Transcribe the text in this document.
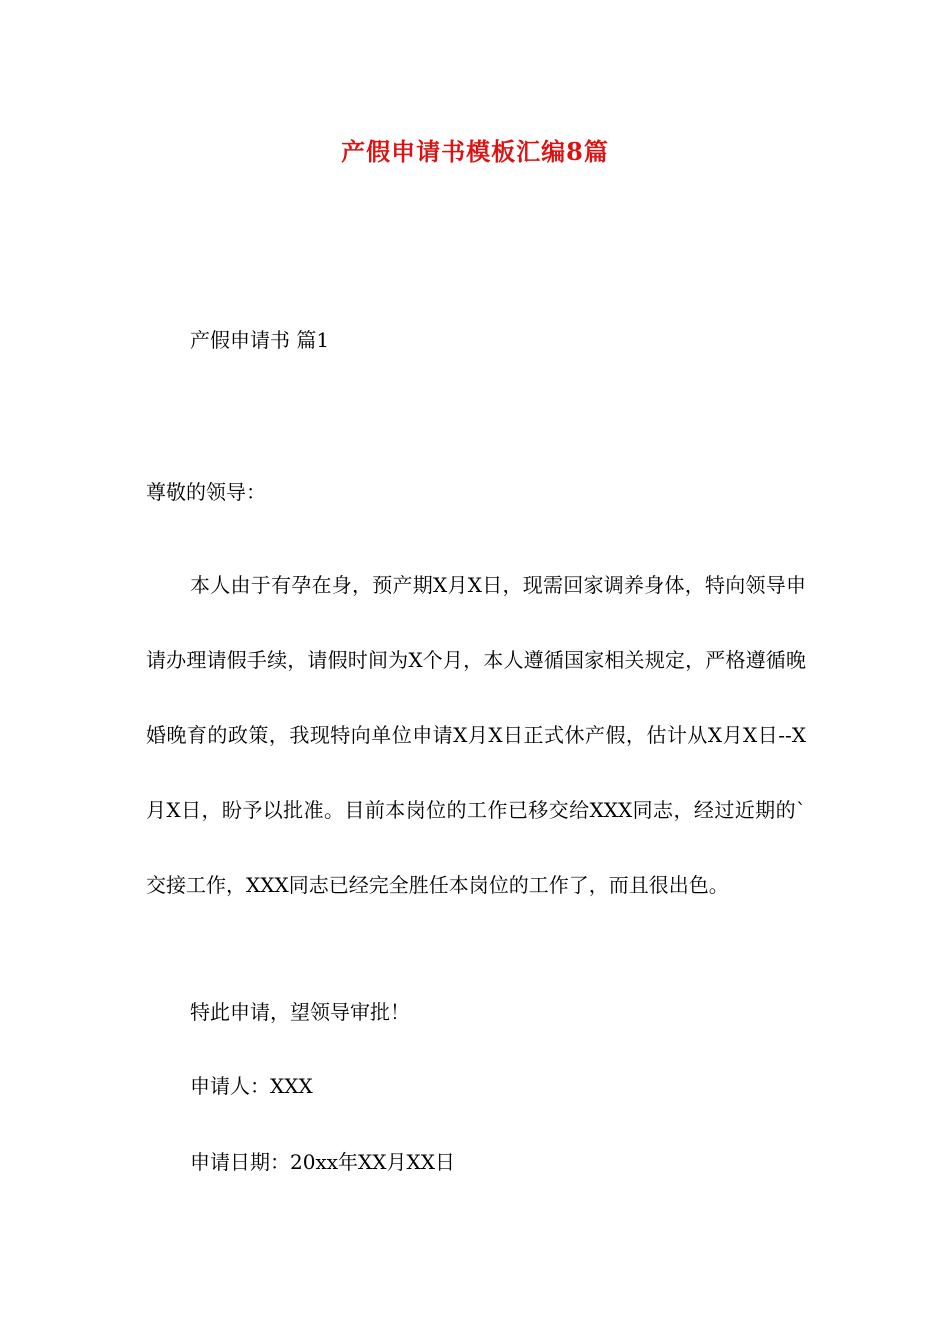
产假申请书模板汇编8篇
产假申请书 篇1
尊敬的领导：

本人由于有孕在身，预产期X月X日，现需回家调养身体，特向领导申请办理请假手续，请假时间为X个月，本人遵循国家相关规定，严格遵循晚婚晚育的政策，我现特向单位申请X月X日正式休产假，估计从X月X日--X月X日，盼予以批准。目前本岗位的工作已移交给XXX同志，经过近期的`交接工作，XXX同志已经完全胜任本岗位的工作了，而且很出色。

特此申请，望领导审批！
申请人：XXX
申请日期：20xx年XX月XX日
